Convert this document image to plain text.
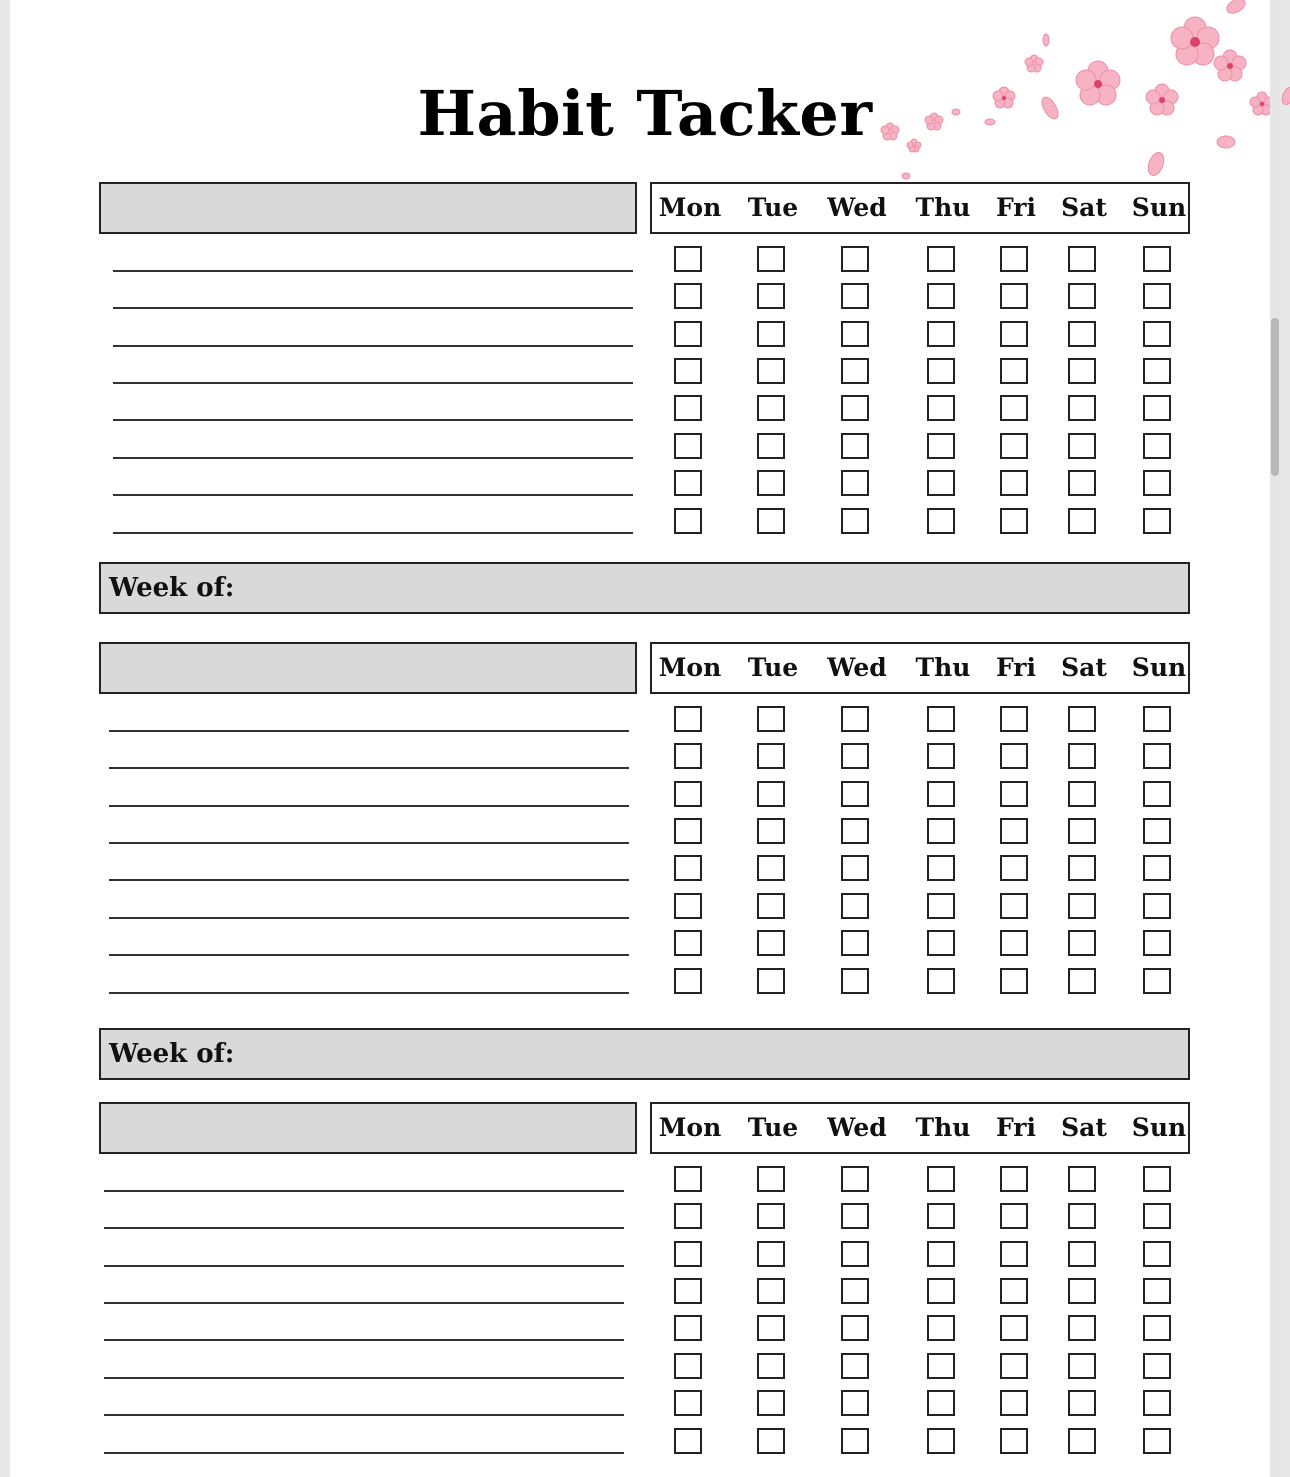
Habit Tacker
Mon	Tue	Wed	Thu	Fri	Sat Sun
Mon	Tue	Wed	Thu	Fri	Sat Sun
Mon	Tue	Wed	Thu	Fri	Sat Sun
Week of:
Week of:
